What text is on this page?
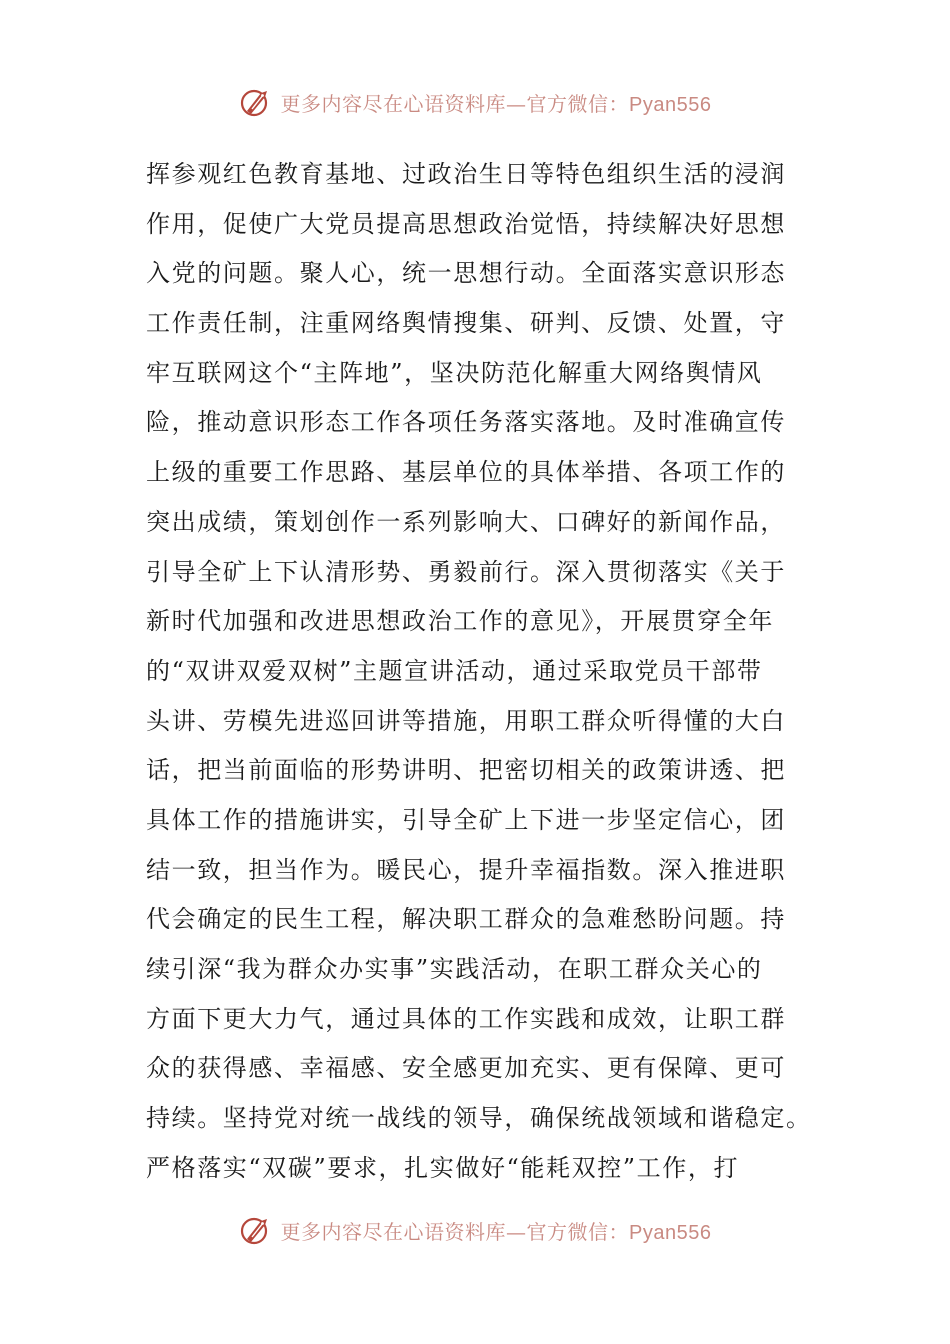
更多内容尽在心语资料库—官方微信：Pyan556
挥参观红色教育基地、过政治生日等特色组织生活的浸润
作用，促使广大党员提高思想政治觉悟，持续解决好思想
入党的问题。聚人心，统一思想行动。全面落实意识形态
工作责任制，注重网络舆情搜集、研判、反馈、处置，守
牢互联网这个“主阵地”，坚决防范化解重大网络舆情风
险，推动意识形态工作各项任务落实落地。及时准确宣传
上级的重要工作思路、基层单位的具体举措、各项工作的
突出成绩，策划创作一系列影响大、口碑好的新闻作品，
引导全矿上下认清形势、勇毅前行。深入贯彻落实《关于
新时代加强和改进思想政治工作的意见》，开展贯穿全年
的“双讲双爱双树”主题宣讲活动，通过采取党员干部带
头讲、劳模先进巡回讲等措施，用职工群众听得懂的大白
话，把当前面临的形势讲明、把密切相关的政策讲透、把
具体工作的措施讲实，引导全矿上下进一步坚定信心，团
结一致，担当作为。暖民心，提升幸福指数。深入推进职
代会确定的民生工程，解决职工群众的急难愁盼问题。持
续引深“我为群众办实事”实践活动，在职工群众关心的
方面下更大力气，通过具体的工作实践和成效，让职工群
众的获得感、幸福感、安全感更加充实、更有保障、更可
持续。坚持党对统一战线的领导，确保统战领域和谐稳定。
严格落实“双碳”要求，扎实做好“能耗双控”工作，打
更多内容尽在心语资料库—官方微信：Pyan556
